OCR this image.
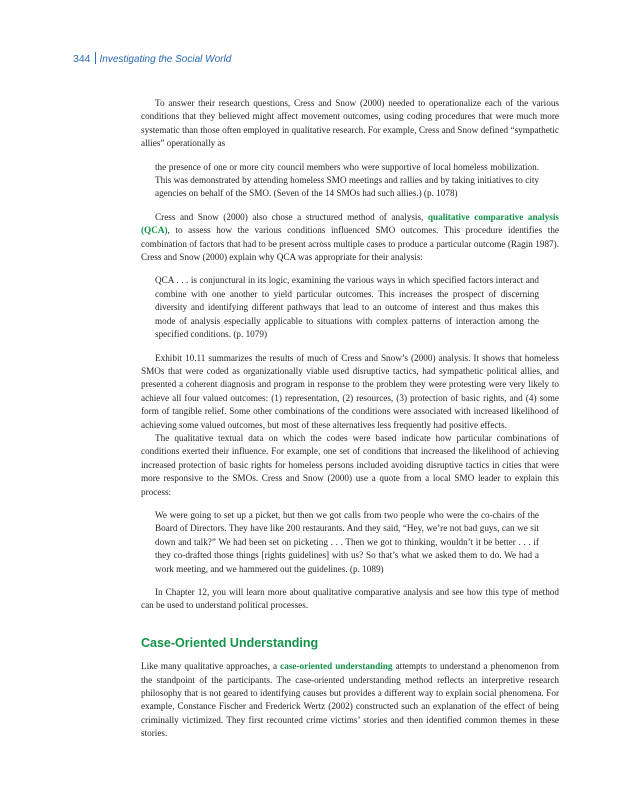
344 Investigating the Social World

To answer their research questions, Cress and Snow (2000) needed to operationalize each of the various conditions that they believed might affect movement outcomes, using coding procedures that were much more systematic than those often employed in qualitative research. For example, Cress and Snow defined “sympathetic allies” operationally as

the presence of one or more city council members who were supportive of local homeless mobilization. This was demonstrated by attending homeless SMO meetings and rallies and by taking initiatives to city agencies on behalf of the SMO. (Seven of the 14 SMOs had such allies.) (p. 1078)

Cress and Snow (2000) also chose a structured method of analysis, qualitative comparative analysis (QCA), to assess how the various conditions influenced SMO outcomes. This procedure identifies the combination of factors that had to be present across multiple cases to produce a particular outcome (Ragin 1987). Cress and Snow (2000) explain why QCA was appropriate for their analysis:

QCA . . . is conjunctural in its logic, examining the various ways in which specified factors interact and combine with one another to yield particular outcomes. This increases the prospect of discerning diversity and identifying different pathways that lead to an outcome of interest and thus makes this mode of analysis especially applicable to situations with complex patterns of interaction among the specified conditions. (p. 1079)

Exhibit 10.11 summarizes the results of much of Cress and Snow’s (2000) analysis. It shows that homeless SMOs that were coded as organizationally viable used disruptive tactics, had sympathetic political allies, and presented a coherent diagnosis and program in response to the problem they were protesting were very likely to achieve all four valued outcomes: (1) representation, (2) resources, (3) protection of basic rights, and (4) some form of tangible relief. Some other combinations of the conditions were associated with increased likelihood of achieving some valued outcomes, but most of these alternatives less frequently had positive effects.

The qualitative textual data on which the codes were based indicate how particular combinations of conditions exerted their influence. For example, one set of conditions that increased the likelihood of achieving increased protection of basic rights for homeless persons included avoiding disruptive tactics in cities that were more responsive to the SMOs. Cress and Snow (2000) use a quote from a local SMO leader to explain this process:

We were going to set up a picket, but then we got calls from two people who were the co-chairs of the Board of Directors. They have like 200 restaurants. And they said, “Hey, we’re not bad guys, can we sit down and talk?” We had been set on picketing . . . Then we got to thinking, wouldn’t it be better . . . if they co-drafted those things [rights guidelines] with us? So that’s what we asked them to do. We had a work meeting, and we hammered out the guidelines. (p. 1089)

In Chapter 12, you will learn more about qualitative comparative analysis and see how this type of method can be used to understand political processes.

Case-Oriented Understanding

Like many qualitative approaches, a case-oriented understanding attempts to understand a phenomenon from the standpoint of the participants. The case-oriented understanding method reflects an interpretive research philosophy that is not geared to identifying causes but provides a different way to explain social phenomena. For example, Constance Fischer and Frederick Wertz (2002) constructed such an explanation of the effect of being criminally victimized. They first recounted crime victims’ stories and then identified common themes in these stories.
